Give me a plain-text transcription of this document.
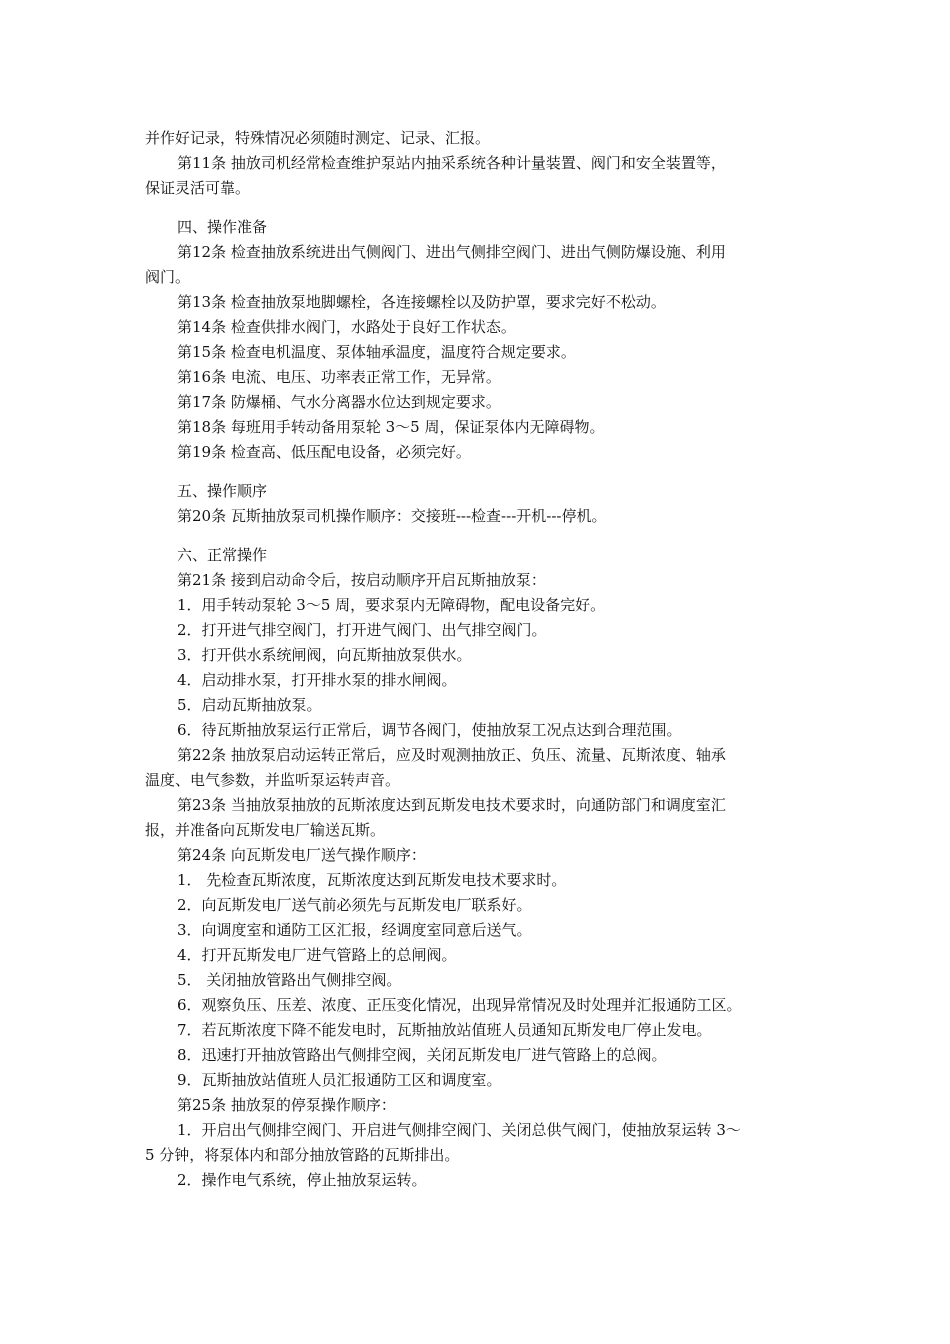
并作好记录，特殊情况必须随时测定、记录、汇报。
第11条 抽放司机经常检查维护泵站内抽采系统各种计量装置、阀门和安全装置等，
保证灵活可靠。
四、操作准备
第12条 检查抽放系统进出气侧阀门、进出气侧排空阀门、进出气侧防爆设施、利用
阀门。
第13条 检查抽放泵地脚螺栓，各连接螺栓以及防护罩，要求完好不松动。
第14条 检查供排水阀门，水路处于良好工作状态。
第15条 检查电机温度、泵体轴承温度，温度符合规定要求。
第16条 电流、电压、功率表正常工作，无异常。
第17条 防爆桶、气水分离器水位达到规定要求。
第18条 每班用手转动备用泵轮 3～5 周，保证泵体内无障碍物。
第19条 检查高、低压配电设备，必须完好。
五、操作顺序
第20条 瓦斯抽放泵司机操作顺序：交接班---检查---开机---停机。
六、正常操作
第21条 接到启动命令后，按启动顺序开启瓦斯抽放泵：
1．用手转动泵轮 3～5 周，要求泵内无障碍物，配电设备完好。
2．打开进气排空阀门，打开进气阀门、出气排空阀门。
3．打开供水系统闸阀，向瓦斯抽放泵供水。
4．启动排水泵，打开排水泵的排水闸阀。
5．启动瓦斯抽放泵。
6．待瓦斯抽放泵运行正常后，调节各阀门，使抽放泵工况点达到合理范围。
第22条 抽放泵启动运转正常后，应及时观测抽放正、负压、流量、瓦斯浓度、轴承
温度、电气参数，并监听泵运转声音。
第23条 当抽放泵抽放的瓦斯浓度达到瓦斯发电技术要求时，向通防部门和调度室汇
报，并准备向瓦斯发电厂输送瓦斯。
第24条 向瓦斯发电厂送气操作顺序：
1． 先检查瓦斯浓度，瓦斯浓度达到瓦斯发电技术要求时。
2．向瓦斯发电厂送气前必须先与瓦斯发电厂联系好。
3．向调度室和通防工区汇报，经调度室同意后送气。
4．打开瓦斯发电厂进气管路上的总闸阀。
5． 关闭抽放管路出气侧排空阀。
6．观察负压、压差、浓度、正压变化情况，出现异常情况及时处理并汇报通防工区。
7．若瓦斯浓度下降不能发电时，瓦斯抽放站值班人员通知瓦斯发电厂停止发电。
8．迅速打开抽放管路出气侧排空阀，关闭瓦斯发电厂进气管路上的总阀。
9．瓦斯抽放站值班人员汇报通防工区和调度室。
第25条 抽放泵的停泵操作顺序：
1．开启出气侧排空阀门、开启进气侧排空阀门、关闭总供气阀门，使抽放泵运转 3～
5 分钟，将泵体内和部分抽放管路的瓦斯排出。
2．操作电气系统，停止抽放泵运转。
